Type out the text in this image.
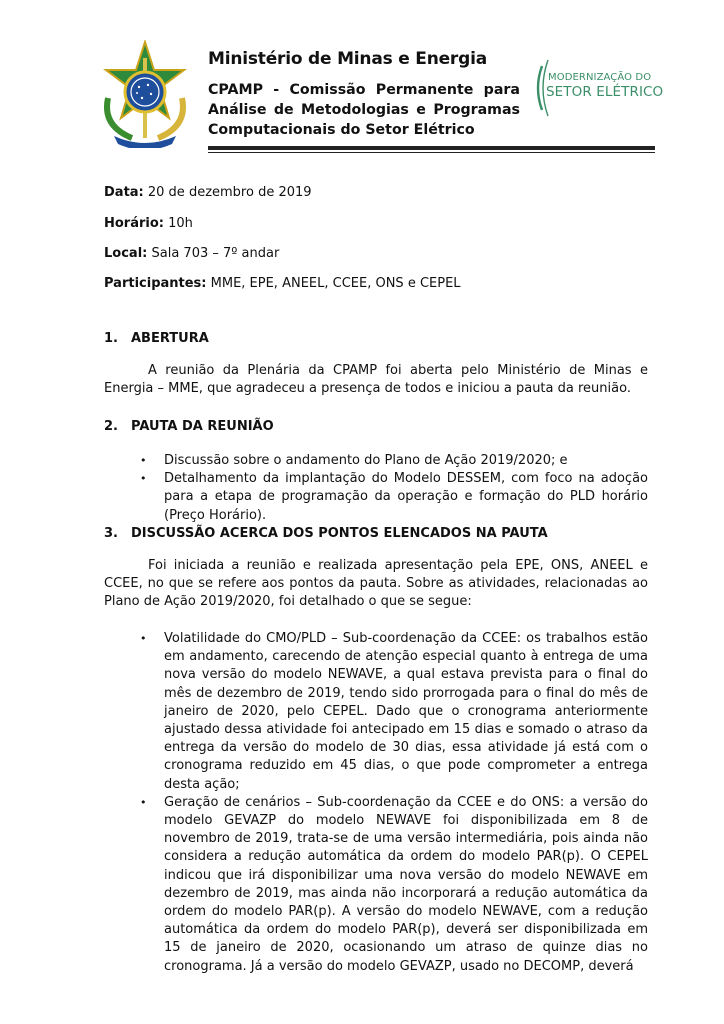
Ministério de Minas e Energia

CPAMP - Comissão Permanente para Análise de Metodologias e Programas Computacionais do Setor Elétrico

MODERNIZAÇÃO DO
SETOR ELÉTRICO
Data: 20 de dezembro de 2019
Horário: 10h
Local: Sala 703 – 7º andar
Participantes: MME, EPE, ANEEL, CCEE, ONS e CEPEL
1. ABERTURA

A reunião da Plenária da CPAMP foi aberta pelo Ministério de Minas e Energia – MME, que agradeceu a presença de todos e iniciou a pauta da reunião.

2. PAUTA DA REUNIÃO
• Discussão sobre o andamento do Plano de Ação 2019/2020; e
• Detalhamento da implantação do Modelo DESSEM, com foco na adoção para a etapa de programação da operação e formação do PLD horário (Preço Horário).
3. DISCUSSÃO ACERCA DOS PONTOS ELENCADOS NA PAUTA

Foi iniciada a reunião e realizada apresentação pela EPE, ONS, ANEEL e CCEE, no que se refere aos pontos da pauta. Sobre as atividades, relacionadas ao Plano de Ação 2019/2020, foi detalhado o que se segue:

• Volatilidade do CMO/PLD – Sub-coordenação da CCEE: os trabalhos estão em andamento, carecendo de atenção especial quanto à entrega de uma nova versão do modelo NEWAVE, a qual estava prevista para o final do mês de dezembro de 2019, tendo sido prorrogada para o final do mês de janeiro de 2020, pelo CEPEL. Dado que o cronograma anteriormente ajustado dessa atividade foi antecipado em 15 dias e somado o atraso da entrega da versão do modelo de 30 dias, essa atividade já está com o cronograma reduzido em 45 dias, o que pode comprometer a entrega desta ação;
• Geração de cenários – Sub-coordenação da CCEE e do ONS: a versão do modelo GEVAZP do modelo NEWAVE foi disponibilizada em 8 de novembro de 2019, trata-se de uma versão intermediária, pois ainda não considera a redução automática da ordem do modelo PAR(p). O CEPEL indicou que irá disponibilizar uma nova versão do modelo NEWAVE em dezembro de 2019, mas ainda não incorporará a redução automática da ordem do modelo PAR(p). A versão do modelo NEWAVE, com a redução automática da ordem do modelo PAR(p), deverá ser disponibilizada em 15 de janeiro de 2020, ocasionando um atraso de quinze dias no cronograma. Já a versão do modelo GEVAZP, usado no DECOMP, deverá
